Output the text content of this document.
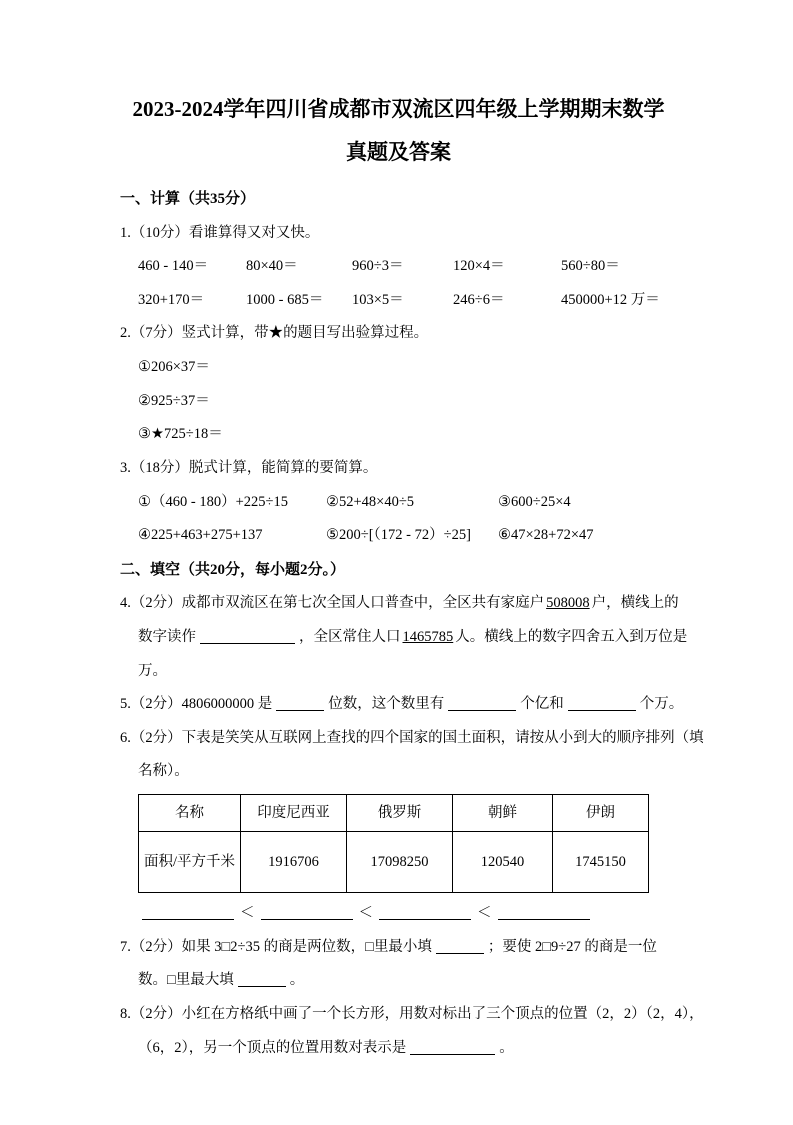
2023-2024学年四川省成都市双流区四年级上学期期末数学
真题及答案
一、计算（共35分）
1.（10分）看谁算得又对又快。
460 - 140＝	80×40＝	960÷3＝	120×4＝	560÷80＝
320+170＝	1000 - 685＝	103×5＝	246÷6＝	450000+12 万＝
2.（7分）竖式计算，带★的题目写出验算过程。
①206×37＝
②925÷37＝
③★725÷18＝
3.（18分）脱式计算，能简算的要简算。
①（460 - 180）+225÷15	②52+48×40÷5	③600÷25×4
④225+463+275+137	⑤200÷[（172 - 72）÷25]	⑥47×28+72×47
二、填空（共20分，每小题2分。）
4.（2分）成都市双流区在第七次全国人口普查中，全区共有家庭户 508008 户，横线上的
数字读作	，全区常住人口 1465785 人。横线上的数字四舍五入到万位是
万。
5.（2分）4806000000 是	位数，这个数里有	个亿和	个万。
6.（2分）下表是笑笑从互联网上查找的四个国家的国土面积，请按从小到大的顺序排列（填
名称）。
名称	印度尼西亚	俄罗斯	朝鲜	伊朗
面积/平方千米	1916706	17098250	120540	1745150
＜	＜	＜
7.（2分）如果 3□2÷35 的商是两位数，□里最小填	；要使 2□9÷27 的商是一位
数。□里最大填	。
8.（2分）小红在方格纸中画了一个长方形，用数对标出了三个顶点的位置（2，2）（2，4），
（6，2），另一个顶点的位置用数对表示是	。
